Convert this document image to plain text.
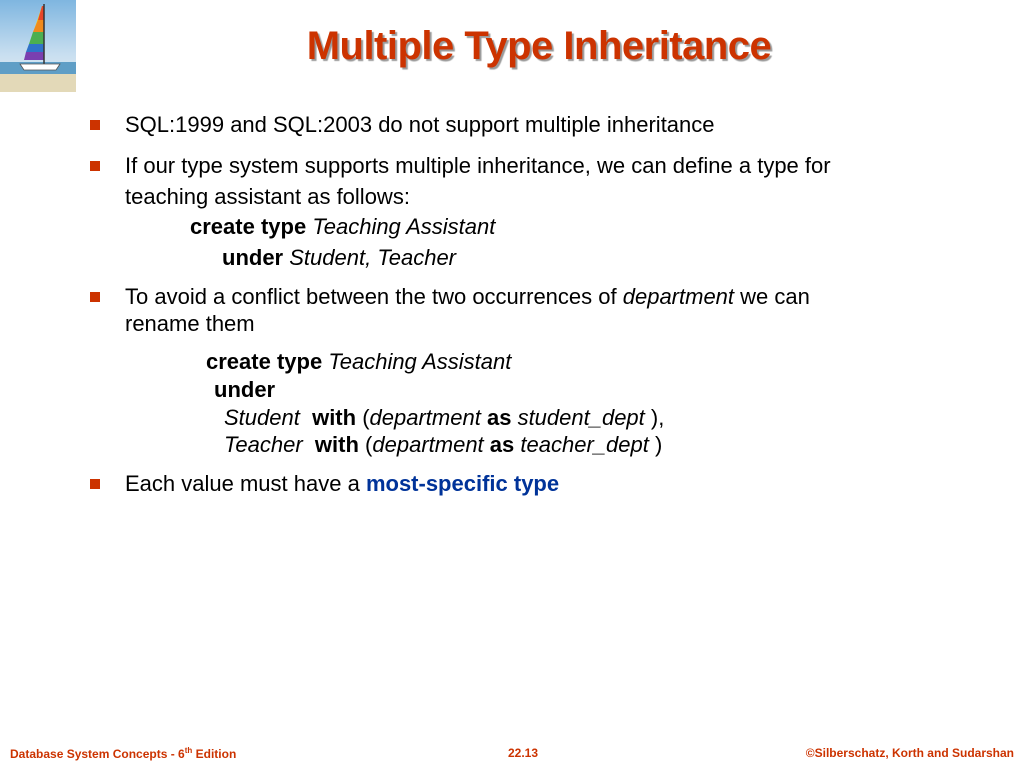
Multiple Type Inheritance
SQL:1999 and SQL:2003 do not support multiple inheritance
If our type system supports multiple inheritance, we can define a type for
teaching assistant as follows:
create type Teaching Assistant
under Student, Teacher
To avoid a conflict between the two occurrences of department we can
rename them
create type Teaching Assistant
under
Student with (department as student_dept ),
Teacher with (department as teacher_dept )
Each value must have a most-specific type
Database System Concepts - 6th Edition	22.13	©Silberschatz, Korth and Sudarshan
